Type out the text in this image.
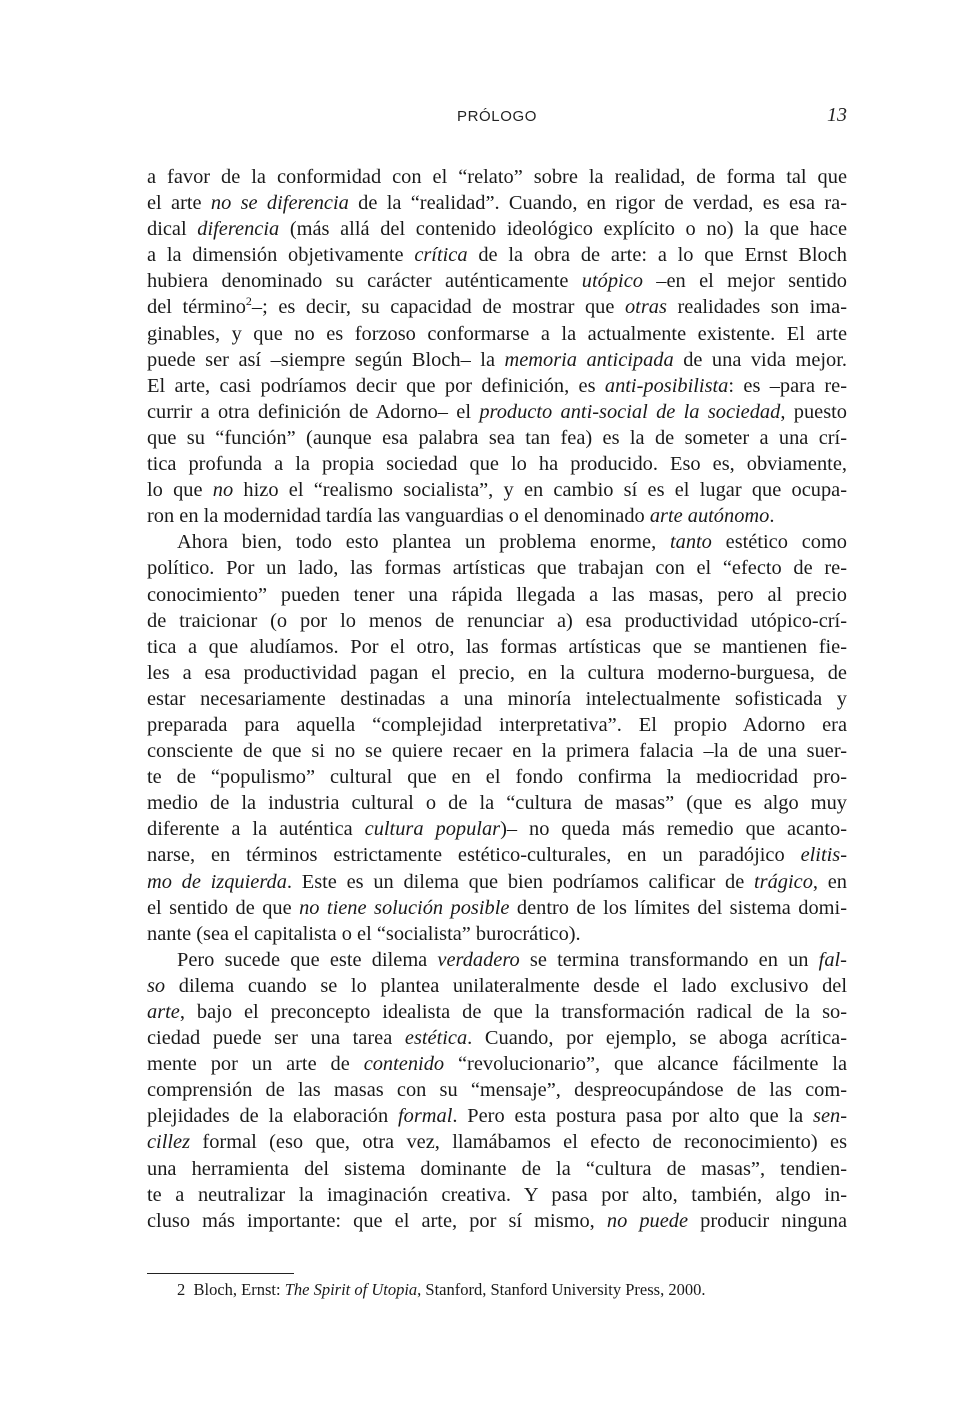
PRÓLOGO	13
a favor de la conformidad con el “relato” sobre la realidad, de forma tal que
el arte no se diferencia de la “realidad”. Cuando, en rigor de verdad, es esa ra-
dical diferencia (más allá del contenido ideológico explícito o no) la que hace
a la dimensión objetivamente crítica de la obra de arte: a lo que Ernst Bloch
hubiera denominado su carácter auténticamente utópico –en el mejor sentido
del término$^2$–; es decir, su capacidad de mostrar que otras realidades son ima-
ginables, y que no es forzoso conformarse a la actualmente existente. El arte
puede ser así –siempre según Bloch– la memoria anticipada de una vida mejor.
El arte, casi podríamos decir que por definición, es anti-posibilista: es –para re-
currir a otra definición de Adorno– el producto anti-social de la sociedad, puesto
que su “función” (aunque esa palabra sea tan fea) es la de someter a una crí-
tica profunda a la propia sociedad que lo ha producido. Eso es, obviamente,
lo que no hizo el “realismo socialista”, y en cambio sí es el lugar que ocupa-
ron en la modernidad tardía las vanguardias o el denominado arte autónomo.
Ahora bien, todo esto plantea un problema enorme, tanto estético como
político. Por un lado, las formas artísticas que trabajan con el “efecto de re-
conocimiento” pueden tener una rápida llegada a las masas, pero al precio
de traicionar (o por lo menos de renunciar a) esa productividad utópico-crí-
tica a que aludíamos. Por el otro, las formas artísticas que se mantienen fie-
les a esa productividad pagan el precio, en la cultura moderno-burguesa, de
estar necesariamente destinadas a una minoría intelectualmente sofisticada y
preparada para aquella “complejidad interpretativa”. El propio Adorno era
consciente de que si no se quiere recaer en la primera falacia –la de una suer-
te de “populismo” cultural que en el fondo confirma la mediocridad pro-
medio de la industria cultural o de la “cultura de masas” (que es algo muy
diferente a la auténtica cultura popular)– no queda más remedio que acanto-
narse, en términos estrictamente estético-culturales, en un paradójico elitis-
mo de izquierda. Este es un dilema que bien podríamos calificar de trágico, en
el sentido de que no tiene solución posible dentro de los límites del sistema domi-
nante (sea el capitalista o el “socialista” burocrático).
Pero sucede que este dilema verdadero se termina transformando en un fal-
so dilema cuando se lo plantea unilateralmente desde el lado exclusivo del
arte, bajo el preconcepto idealista de que la transformación radical de la so-
ciedad puede ser una tarea estética. Cuando, por ejemplo, se aboga acrítica-
mente por un arte de contenido “revolucionario”, que alcance fácilmente la
comprensión de las masas con su “mensaje”, despreocupándose de las com-
plejidades de la elaboración formal. Pero esta postura pasa por alto que la sen-
cillez formal (eso que, otra vez, llamábamos el efecto de reconocimiento) es
una herramienta del sistema dominante de la “cultura de masas”, tendien-
te a neutralizar la imaginación creativa. Y pasa por alto, también, algo in-
cluso más importante: que el arte, por sí mismo, no puede producir ninguna
2 Bloch, Ernst: The Spirit of Utopia, Stanford, Stanford University Press, 2000.
